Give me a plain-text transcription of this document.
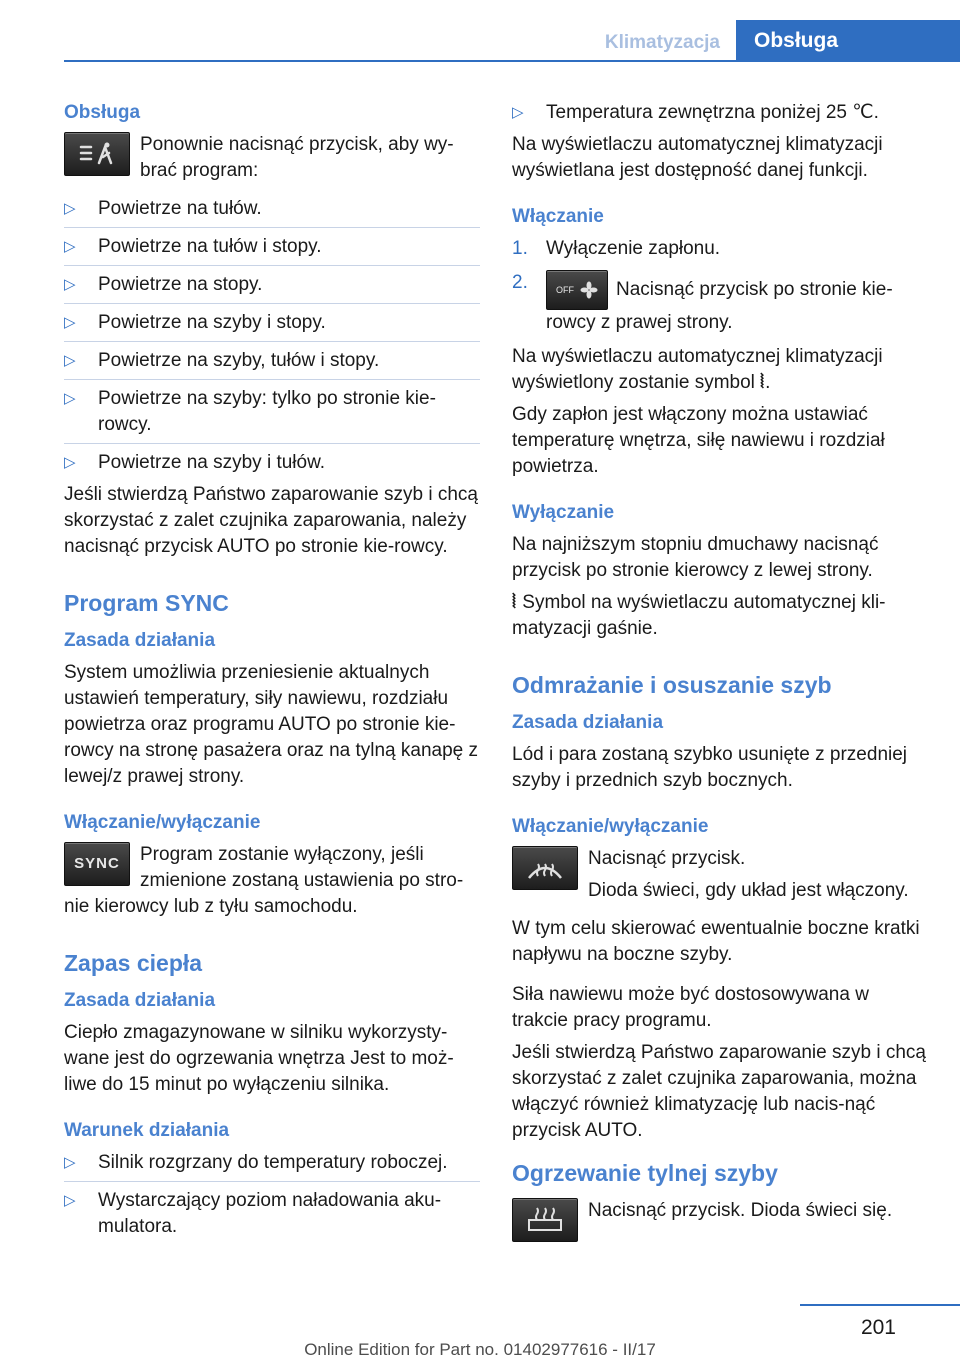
Klimatyzacja	Obsługa
Obsługa

Ponownie nacisnąć przycisk, aby wy-brać program:

▷ Powietrze na tułów.
▷ Powietrze na tułów i stopy.
▷ Powietrze na stopy.
▷ Powietrze na szyby i stopy.
▷ Powietrze na szyby, tułów i stopy.
▷ Powietrze na szyby: tylko po stronie kie-rowcy.
▷ Powietrze na szyby i tułów.

Jeśli stwierdzą Państwo zaparowanie szyb i chcą skorzystać z zalet czujnika zaparowania, należy nacisnąć przycisk AUTO po stronie kie-rowcy.

Program SYNC
Zasada działania

System umożliwia przeniesienie aktualnych ustawień temperatury, siły nawiewu, rozdziału powietrza oraz programu AUTO po stronie kie-rowcy na stronę pasażera oraz na tylną kanapę z lewej/z prawej strony.

Włączanie/wyłączanie
SYNC	Program zostanie wyłączony, jeśli zmienione zostaną ustawienia po stro-nie kierowcy lub z tyłu samochodu.

Zapas ciepła
Zasada działania

Ciepło zmagazynowane w silniku wykorzysty-wane jest do ogrzewania wnętrza Jest to moż-liwe do 15 minut po wyłączeniu silnika.

Warunek działania
▷ Silnik rozgrzany do temperatury roboczej.
▷ Wystarczający poziom naładowania aku-mulatora.
▷ Temperatura zewnętrzna poniżej 25 ℃.

Na wyświetlaczu automatycznej klimatyzacji wyświetlana jest dostępność danej funkcji.

Włączanie
1. Wyłączenie zapłonu.
2.	OFF Nacisnąć przycisk po stronie kie-rowcy z prawej strony.

Na wyświetlaczu automatycznej klimatyzacji wyświetlony zostanie symbol ⦚.

Gdy zapłon jest włączony można ustawiać temperaturę wnętrza, siłę nawiewu i rozdział powietrza.

Wyłączanie

Na najniższym stopniu dmuchawy nacisnąć przycisk po stronie kierowcy z lewej strony.

⦚ Symbol na wyświetlaczu automatycznej kli-matyzacji gaśnie.

Odmrażanie i osuszanie szyb
Zasada działania

Lód i para zostaną szybko usunięte z przedniej szyby i przednich szyb bocznych.

Włączanie/wyłączanie

Nacisnąć przycisk.

Dioda świeci, gdy układ jest włączony.

W tym celu skierować ewentualnie boczne kratki napływu na boczne szyby.

Siła nawiewu może być dostosowywana w trakcie pracy programu.

Jeśli stwierdzą Państwo zaparowanie szyb i chcą skorzystać z zalet czujnika zaparowania, można włączyć również klimatyzację lub nacis-nąć przycisk AUTO.

Ogrzewanie tylnej szyby

Nacisnąć przycisk. Dioda świeci się.

201
Online Edition for Part no. 01402977616 - II/17
